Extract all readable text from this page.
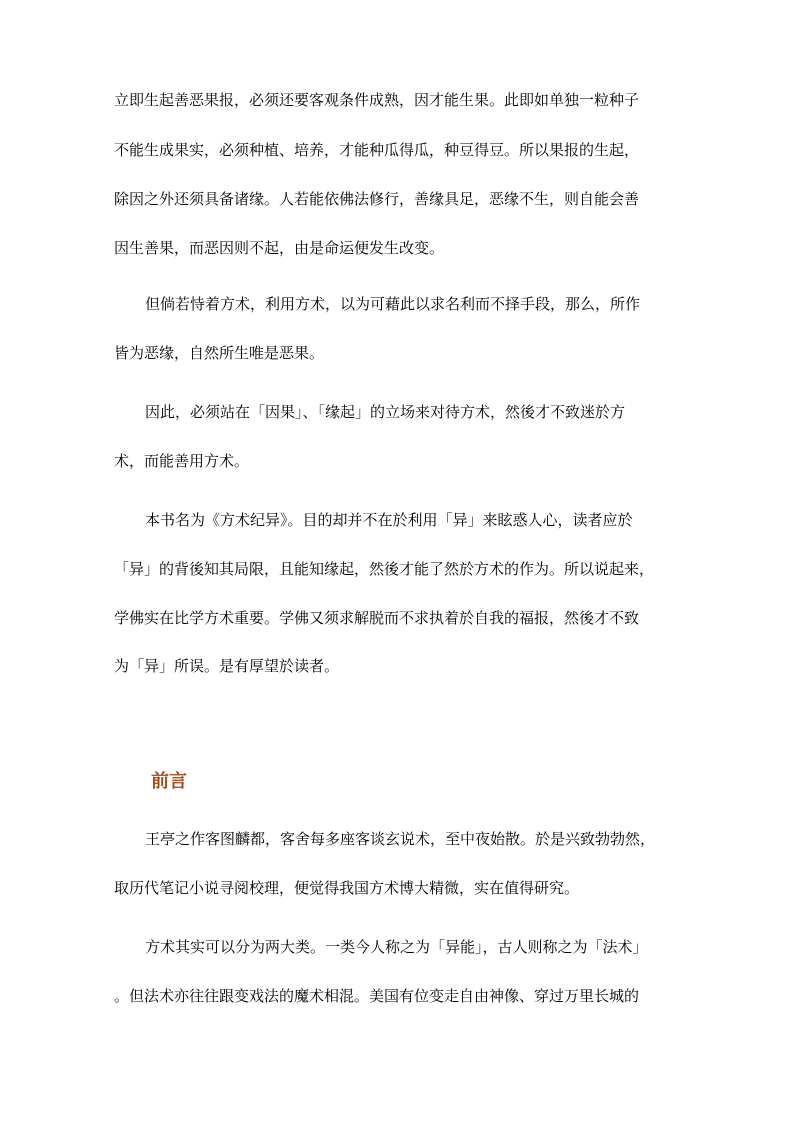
立即生起善恶果报，必须还要客观条件成熟，因才能生果。此即如单独一粒种子
不能生成果实，必须种植、培养，才能种瓜得瓜，种豆得豆。所以果报的生起，
除因之外还须具备诸缘。人若能依佛法修行，善缘具足，恶缘不生，则自能会善
因生善果，而恶因则不起，由是命运便发生改变。
但倘若恃着方术，利用方术，以为可藉此以求名利而不择手段，那么，所作
皆为恶缘，自然所生唯是恶果。
因此，必须站在「因果」、「缘起」的立场来对待方术，然後才不致迷於方
术，而能善用方术。
本书名为《方术纪异》。目的却并不在於利用「异」来眩惑人心，读者应於
「异」的背後知其局限，且能知缘起，然後才能了然於方术的作为。所以说起来，
学佛实在比学方术重要。学佛又须求解脱而不求执着於自我的福报，然後才不致
为「异」所误。是有厚望於读者。
前言
王亭之作客图麟都，客舍每多座客谈玄说术，至中夜始散。於是兴致勃勃然，
取历代笔记小说寻阅校理，便觉得我国方术博大精微，实在值得研究。
方术其实可以分为两大类。一类今人称之为「异能」，古人则称之为「法术」
。但法术亦往往跟变戏法的魔术相混。美国有位变走自由神像、穿过万里长城的
